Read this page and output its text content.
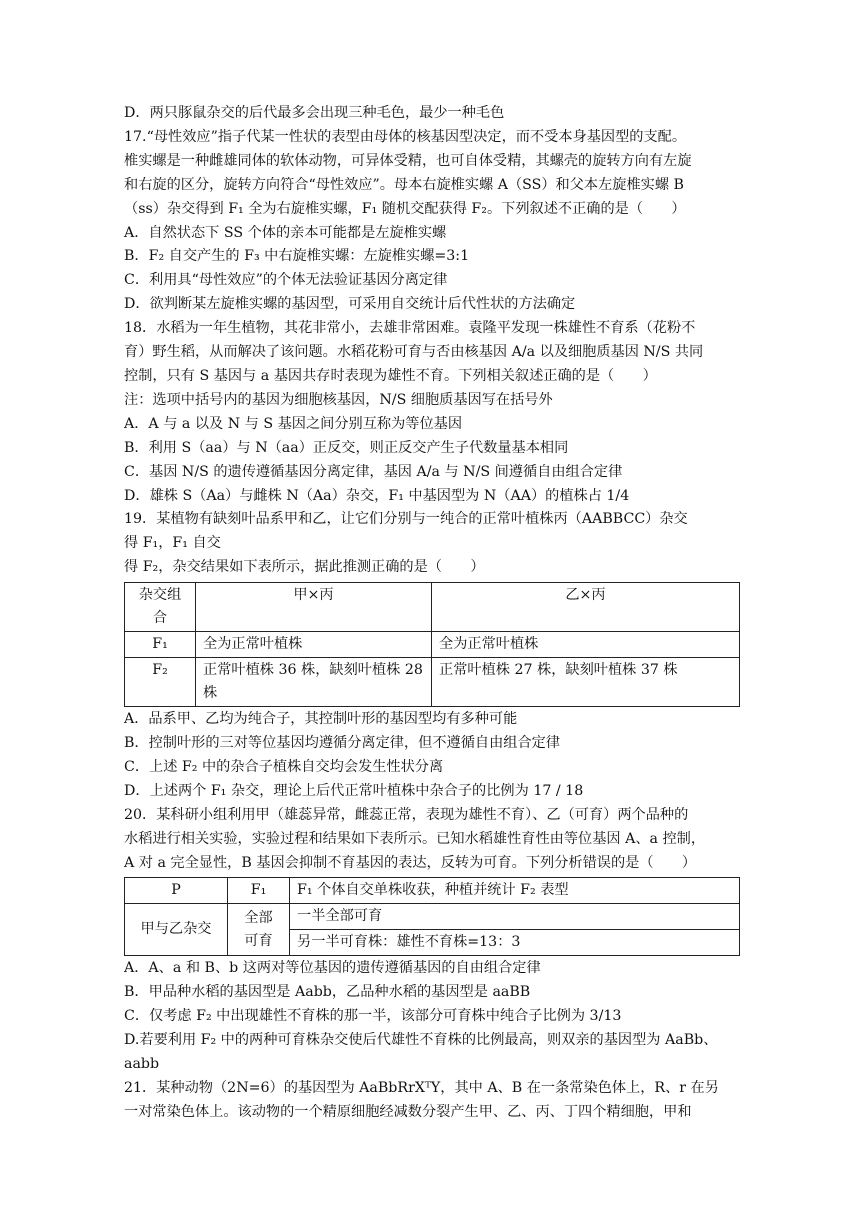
D．两只豚鼠杂交的后代最多会出现三种毛色，最少一种毛色

17.“母性效应”指子代某一性状的表型由母体的核基因型决定，而不受本身基因型的支配。

椎实螺是一种雌雄同体的软体动物，可异体受精，也可自体受精，其螺壳的旋转方向有左旋

和右旋的区分，旋转方向符合“母性效应”。母本右旋椎实螺 A（SS）和父本左旋椎实螺 B

（ss）杂交得到 F₁ 全为右旋椎实螺，F₁ 随机交配获得 F₂。下列叙述不正确的是（　　）

A．自然状态下 SS 个体的亲本可能都是左旋椎实螺

B．F₂ 自交产生的 F₃ 中右旋椎实螺：左旋椎实螺=3:1

C．利用具“母性效应”的个体无法验证基因分离定律

D．欲判断某左旋椎实螺的基因型，可采用自交统计后代性状的方法确定

18．水稻为一年生植物，其花非常小，去雄非常困难。袁隆平发现一株雄性不育系（花粉不

育）野生稻，从而解决了该问题。水稻花粉可育与否由核基因 A/a 以及细胞质基因 N/S 共同

控制，只有 S 基因与 a 基因共存时表现为雄性不育。下列相关叙述正确的是（　　）

注：选项中括号内的基因为细胞核基因，N/S 细胞质基因写在括号外

A．A 与 a 以及 N 与 S 基因之间分别互称为等位基因

B．利用 S（aa）与 N（aa）正反交，则正反交产生子代数量基本相同

C．基因 N/S 的遗传遵循基因分离定律，基因 A/a 与 N/S 间遵循自由组合定律

D．雄株 S（Aa）与雌株 N（Aa）杂交，F₁ 中基因型为 N（AA）的植株占 1/4

19．某植物有缺刻叶品系甲和乙，让它们分别与一纯合的正常叶植株丙（AABBCC）杂交

得 F₁，F₁ 自交

得 F₂，杂交结果如下表所示，据此推测正确的是（　　）

杂交组合	甲×丙	乙×丙
F₁	全为正常叶植株	全为正常叶植株
F₂	正常叶植株 36 株，缺刻叶植株 28 株	正常叶植株 27 株，缺刻叶植株 37 株

A．品系甲、乙均为纯合子，其控制叶形的基因型均有多种可能

B．控制叶形的三对等位基因均遵循分离定律，但不遵循自由组合定律

C．上述 F₂ 中的杂合子植株自交均会发生性状分离

D．上述两个 F₁ 杂交，理论上后代正常叶植株中杂合子的比例为 17 / 18

20．某科研小组利用甲（雄蕊异常，雌蕊正常，表现为雄性不育）、乙（可育）两个品种的

水稻进行相关实验，实验过程和结果如下表所示。已知水稻雄性育性由等位基因 A、a 控制，

A 对 a 完全显性，B 基因会抑制不育基因的表达，反转为可育。下列分析错误的是（　　）

P	F₁	F₁ 个体自交单株收获，种植并统计 F₂ 表型
甲与乙杂交	全部可育	一半全部可育
		另一半可育株：雄性不育株=13：3

A．A、a 和 B、b 这两对等位基因的遗传遵循基因的自由组合定律

B．甲品种水稻的基因型是 Aabb，乙品种水稻的基因型是 aaBB

C．仅考虑 F₂ 中出现雄性不育株的那一半，该部分可育株中纯合子比例为 3/13

D.若要利用 F₂ 中的两种可育株杂交使后代雄性不育株的比例最高，则双亲的基因型为 AaBb、

aabb

21．某种动物（2N=6）的基因型为 AaBbRrXᵀY，其中 A、B 在一条常染色体上，R、r 在另

一对常染色体上。该动物的一个精原细胞经减数分裂产生甲、乙、丙、丁四个精细胞，甲和
